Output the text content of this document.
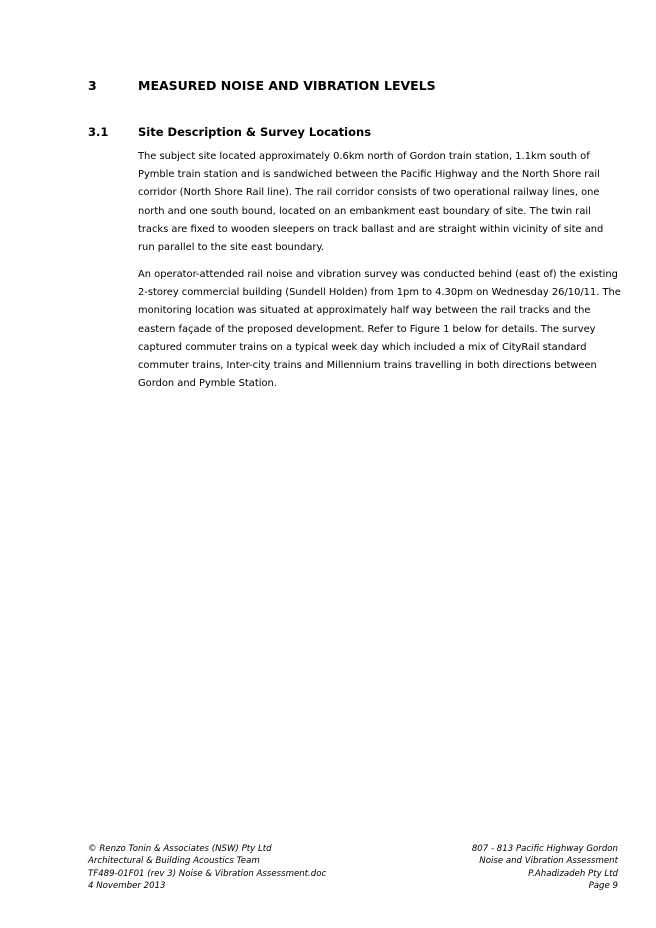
3	MEASURED NOISE AND VIBRATION LEVELS
3.1	Site Description & Survey Locations

The subject site located approximately 0.6km north of Gordon train station, 1.1km south of Pymble train station and is sandwiched between the Pacific Highway and the North Shore rail corridor (North Shore Rail line). The rail corridor consists of two operational railway lines, one north and one south bound, located on an embankment east boundary of site. The twin rail tracks are fixed to wooden sleepers on track ballast and are straight within vicinity of site and run parallel to the site east boundary.

An operator-attended rail noise and vibration survey was conducted behind (east of) the existing 2-storey commercial building (Sundell Holden) from 1pm to 4.30pm on Wednesday 26/10/11. The monitoring location was situated at approximately half way between the rail tracks and the eastern façade of the proposed development. Refer to Figure 1 below for details. The survey captured commuter trains on a typical week day which included a mix of CityRail standard commuter trains, Inter-city trains and Millennium trains travelling in both directions between Gordon and Pymble Station.

© Renzo Tonin & Associates (NSW) Pty Ltd
Architectural & Building Acoustics Team
TF489-01F01 (rev 3) Noise & Vibration Assessment.doc
4 November 2013
807 - 813 Pacific Highway Gordon
Noise and Vibration Assessment
P.Ahadizadeh Pty Ltd
Page 9
